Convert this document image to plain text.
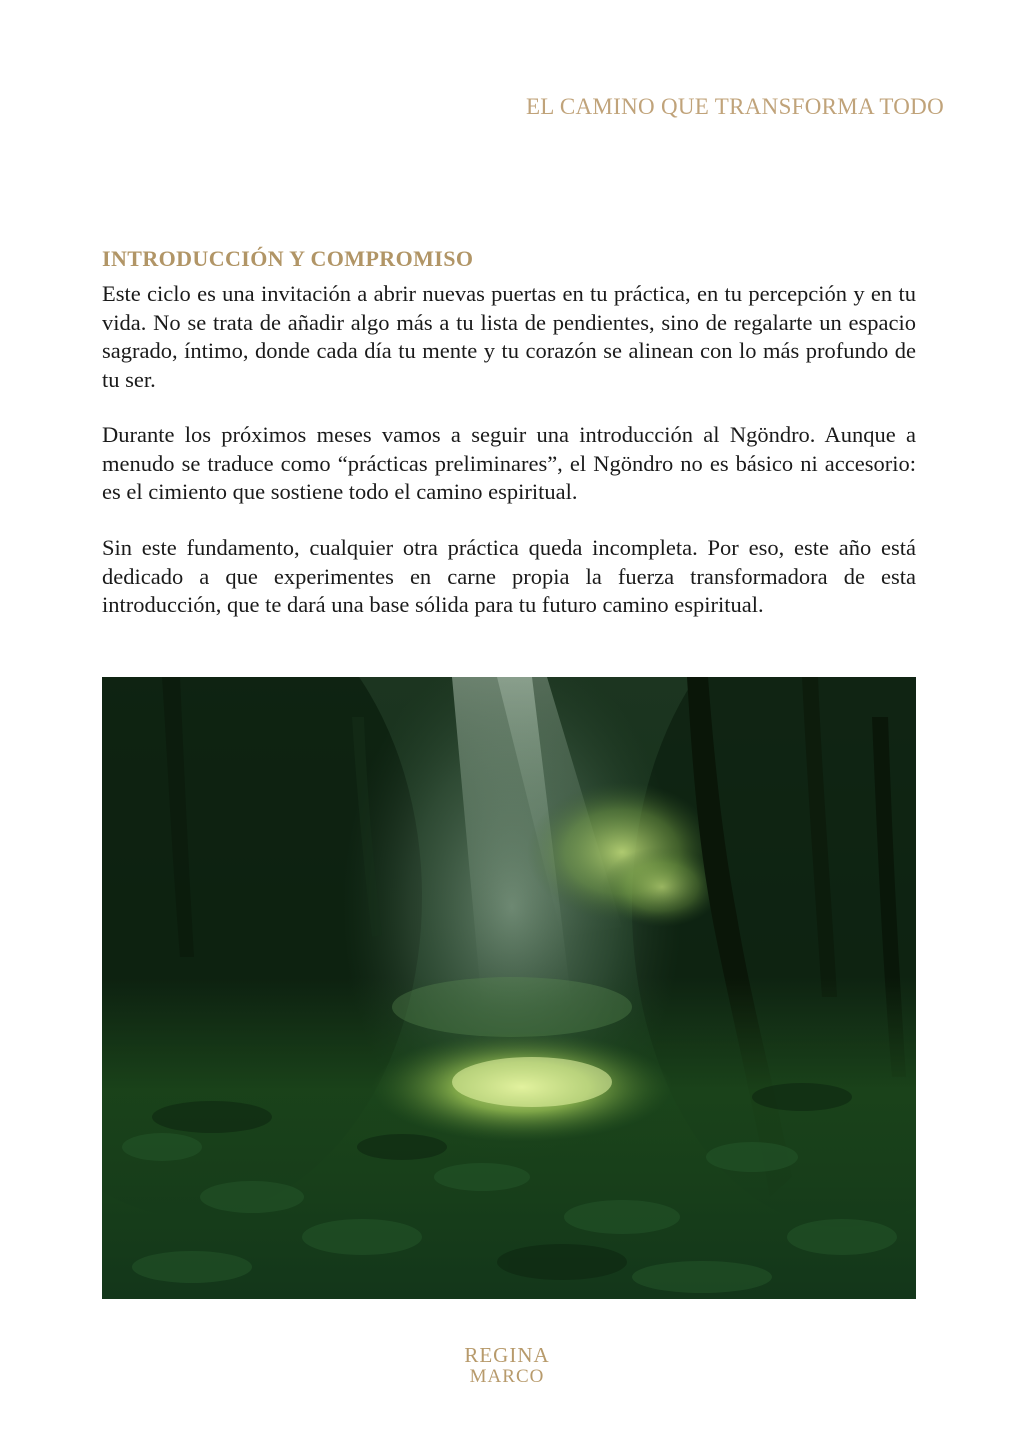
EL CAMINO QUE TRANSFORMA TODO
INTRODUCCIÓN Y COMPROMISO

Este ciclo es una invitación a abrir nuevas puertas en tu práctica, en tu percepción y en tu vida. No se trata de añadir algo más a tu lista de pendientes, sino de regalarte un espacio sagrado, íntimo, donde cada día tu mente y tu corazón se alinean con lo más profundo de tu ser.

Durante los próximos meses vamos a seguir una introducción al Ngöndro. Aunque a menudo se traduce como “prácticas preliminares”, el Ngöndro no es básico ni accesorio: es el cimiento que sostiene todo el camino espiritual.

Sin este fundamento, cualquier otra práctica queda incompleta. Por eso, este año está dedicado a que experimentes en carne propia la fuerza transformadora de esta introducción, que te dará una base sólida para tu futuro camino espiritual.

REGINA
MARCO
